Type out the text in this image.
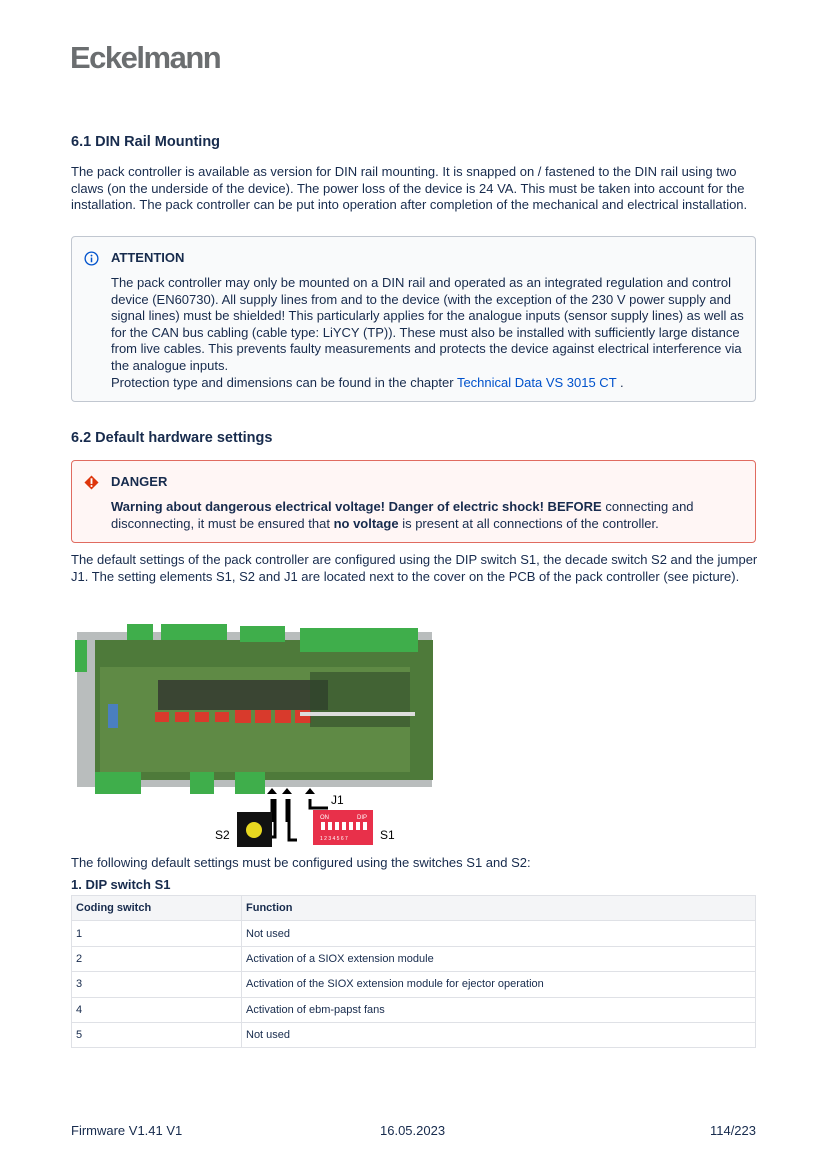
Eckelmann
6.1 DIN Rail Mounting

The pack controller is available as version for DIN rail mounting. It is snapped on / fastened to the DIN rail using two claws (on the underside of the device). The power loss of the device is 24 VA. This must be taken into account for the installation. The pack controller can be put into operation after completion of the mechanical and electrical installation.

ATTENTION
The pack controller may only be mounted on a DIN rail and operated as an integrated regulation and control device (EN60730). All supply lines from and to the device (with the exception of the 230 V power supply and signal lines) must be shielded! This particularly applies for the analogue inputs (sensor supply lines) as well as for the CAN bus cabling (cable type: LiYCY (TP)). These must also be installed with sufficiently large distance from live cables. This prevents faulty measurements and protects the device against electrical interference via the analogue inputs.
Protection type and dimensions can be found in the chapter Technical Data VS 3015 CT .
6.2 Default hardware settings
DANGER
Warning about dangerous electrical voltage! Danger of electric shock! BEFORE connecting and disconnecting, it must be ensured that no voltage is present at all connections of the controller.

The default settings of the pack controller are configured using the DIP switch S1, the decade switch S2 and the jumper J1. The setting elements S1, S2 and J1 are located next to the cover on the PCB of the pack controller (see picture).

ON	DIP
1 2 3 4 5 6 7
S2	S1
J1

The following default settings must be configured using the switches S1 and S2:

1. DIP switch S1

Coding switch	Function
1	Not used
2	Activation of a SIOX extension module
3	Activation of the SIOX extension module for ejector operation
4	Activation of ebm-papst fans
5	Not used
Firmware V1.41 V1	16.05.2023	114/223
